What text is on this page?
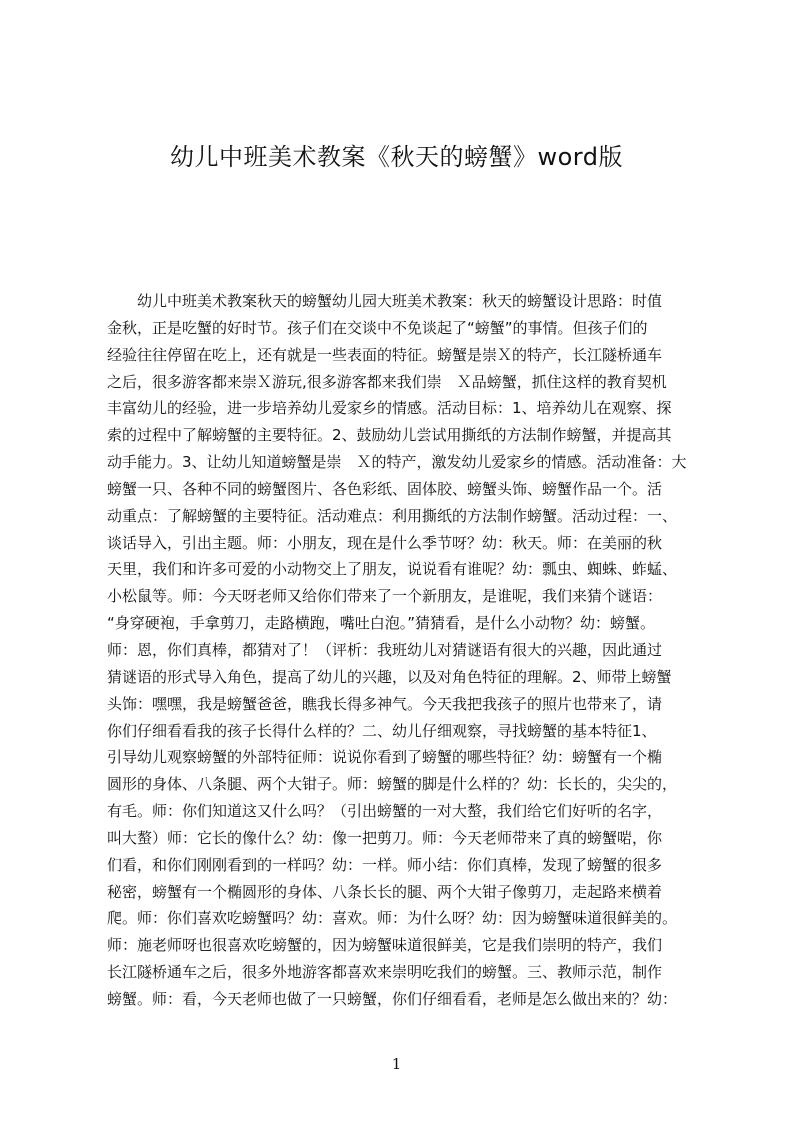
幼儿中班美术教案《秋天的螃蟹》word版
幼儿中班美术教案秋天的螃蟹幼儿园大班美术教案：秋天的螃蟹设计思路：时值
金秋，正是吃蟹的好时节。孩子们在交谈中不免谈起了“螃蟹”的事情。但孩子们的
经验往往停留在吃上，还有就是一些表面的特征。螃蟹是崇Ｘ的特产，长江隧桥通车
之后，很多游客都来崇Ｘ游玩,很多游客都来我们崇　Ｘ品螃蟹，抓住这样的教育契机
丰富幼儿的经验，进一步培养幼儿爱家乡的情感。活动目标：1、培养幼儿在观察、探
索的过程中了解螃蟹的主要特征。2、鼓励幼儿尝试用撕纸的方法制作螃蟹，并提高其
动手能力。3、让幼儿知道螃蟹是崇　Ｘ的特产，激发幼儿爱家乡的情感。活动准备：大
螃蟹一只、各种不同的螃蟹图片、各色彩纸、固体胶、螃蟹头饰、螃蟹作品一个。活
动重点：了解螃蟹的主要特征。活动难点：利用撕纸的方法制作螃蟹。活动过程：一、
谈话导入，引出主题。师：小朋友，现在是什么季节呀？幼：秋天。师：在美丽的秋
天里，我们和许多可爱的小动物交上了朋友，说说看有谁呢？幼：瓢虫、蜘蛛、蚱蜢、
小松鼠等。师：今天呀老师又给你们带来了一个新朋友，是谁呢，我们来猜个谜语：
“身穿硬袍，手拿剪刀，走路横跑，嘴吐白泡。”猜猜看，是什么小动物？幼：螃蟹。
师：恩，你们真棒，都猜对了！（评析：我班幼儿对猜谜语有很大的兴趣，因此通过
猜谜语的形式导入角色，提高了幼儿的兴趣，以及对角色特征的理解。2、师带上螃蟹
头饰：嘿嘿，我是螃蟹爸爸，瞧我长得多神气。今天我把我孩子的照片也带来了，请
你们仔细看看我的孩子长得什么样的？二、幼儿仔细观察，寻找螃蟹的基本特征1、
引导幼儿观察螃蟹的外部特征师：说说你看到了螃蟹的哪些特征？幼：螃蟹有一个椭
圆形的身体、八条腿、两个大钳子。师：螃蟹的脚是什么样的？幼：长长的，尖尖的，
有毛。师：你们知道这又什么吗？（引出螃蟹的一对大螯，我们给它们好听的名字，
叫大螯）师：它长的像什么？幼：像一把剪刀。师：今天老师带来了真的螃蟹啱，你
们看，和你们刚刚看到的一样吗？幼：一样。师小结：你们真棒，发现了螃蟹的很多
秘密，螃蟹有一个椭圆形的身体、八条长长的腿、两个大钳子像剪刀，走起路来横着
爬。师：你们喜欢吃螃蟹吗？幼：喜欢。师：为什么呀？幼：因为螃蟹味道很鲜美的。
师：施老师呀也很喜欢吃螃蟹的，因为螃蟹味道很鲜美，它是我们崇明的特产，我们
长江隧桥通车之后，很多外地游客都喜欢来崇明吃我们的螃蟹。三、教师示范，制作
螃蟹。师：看，今天老师也做了一只螃蟹，你们仔细看看，老师是怎么做出来的？幼：
1
